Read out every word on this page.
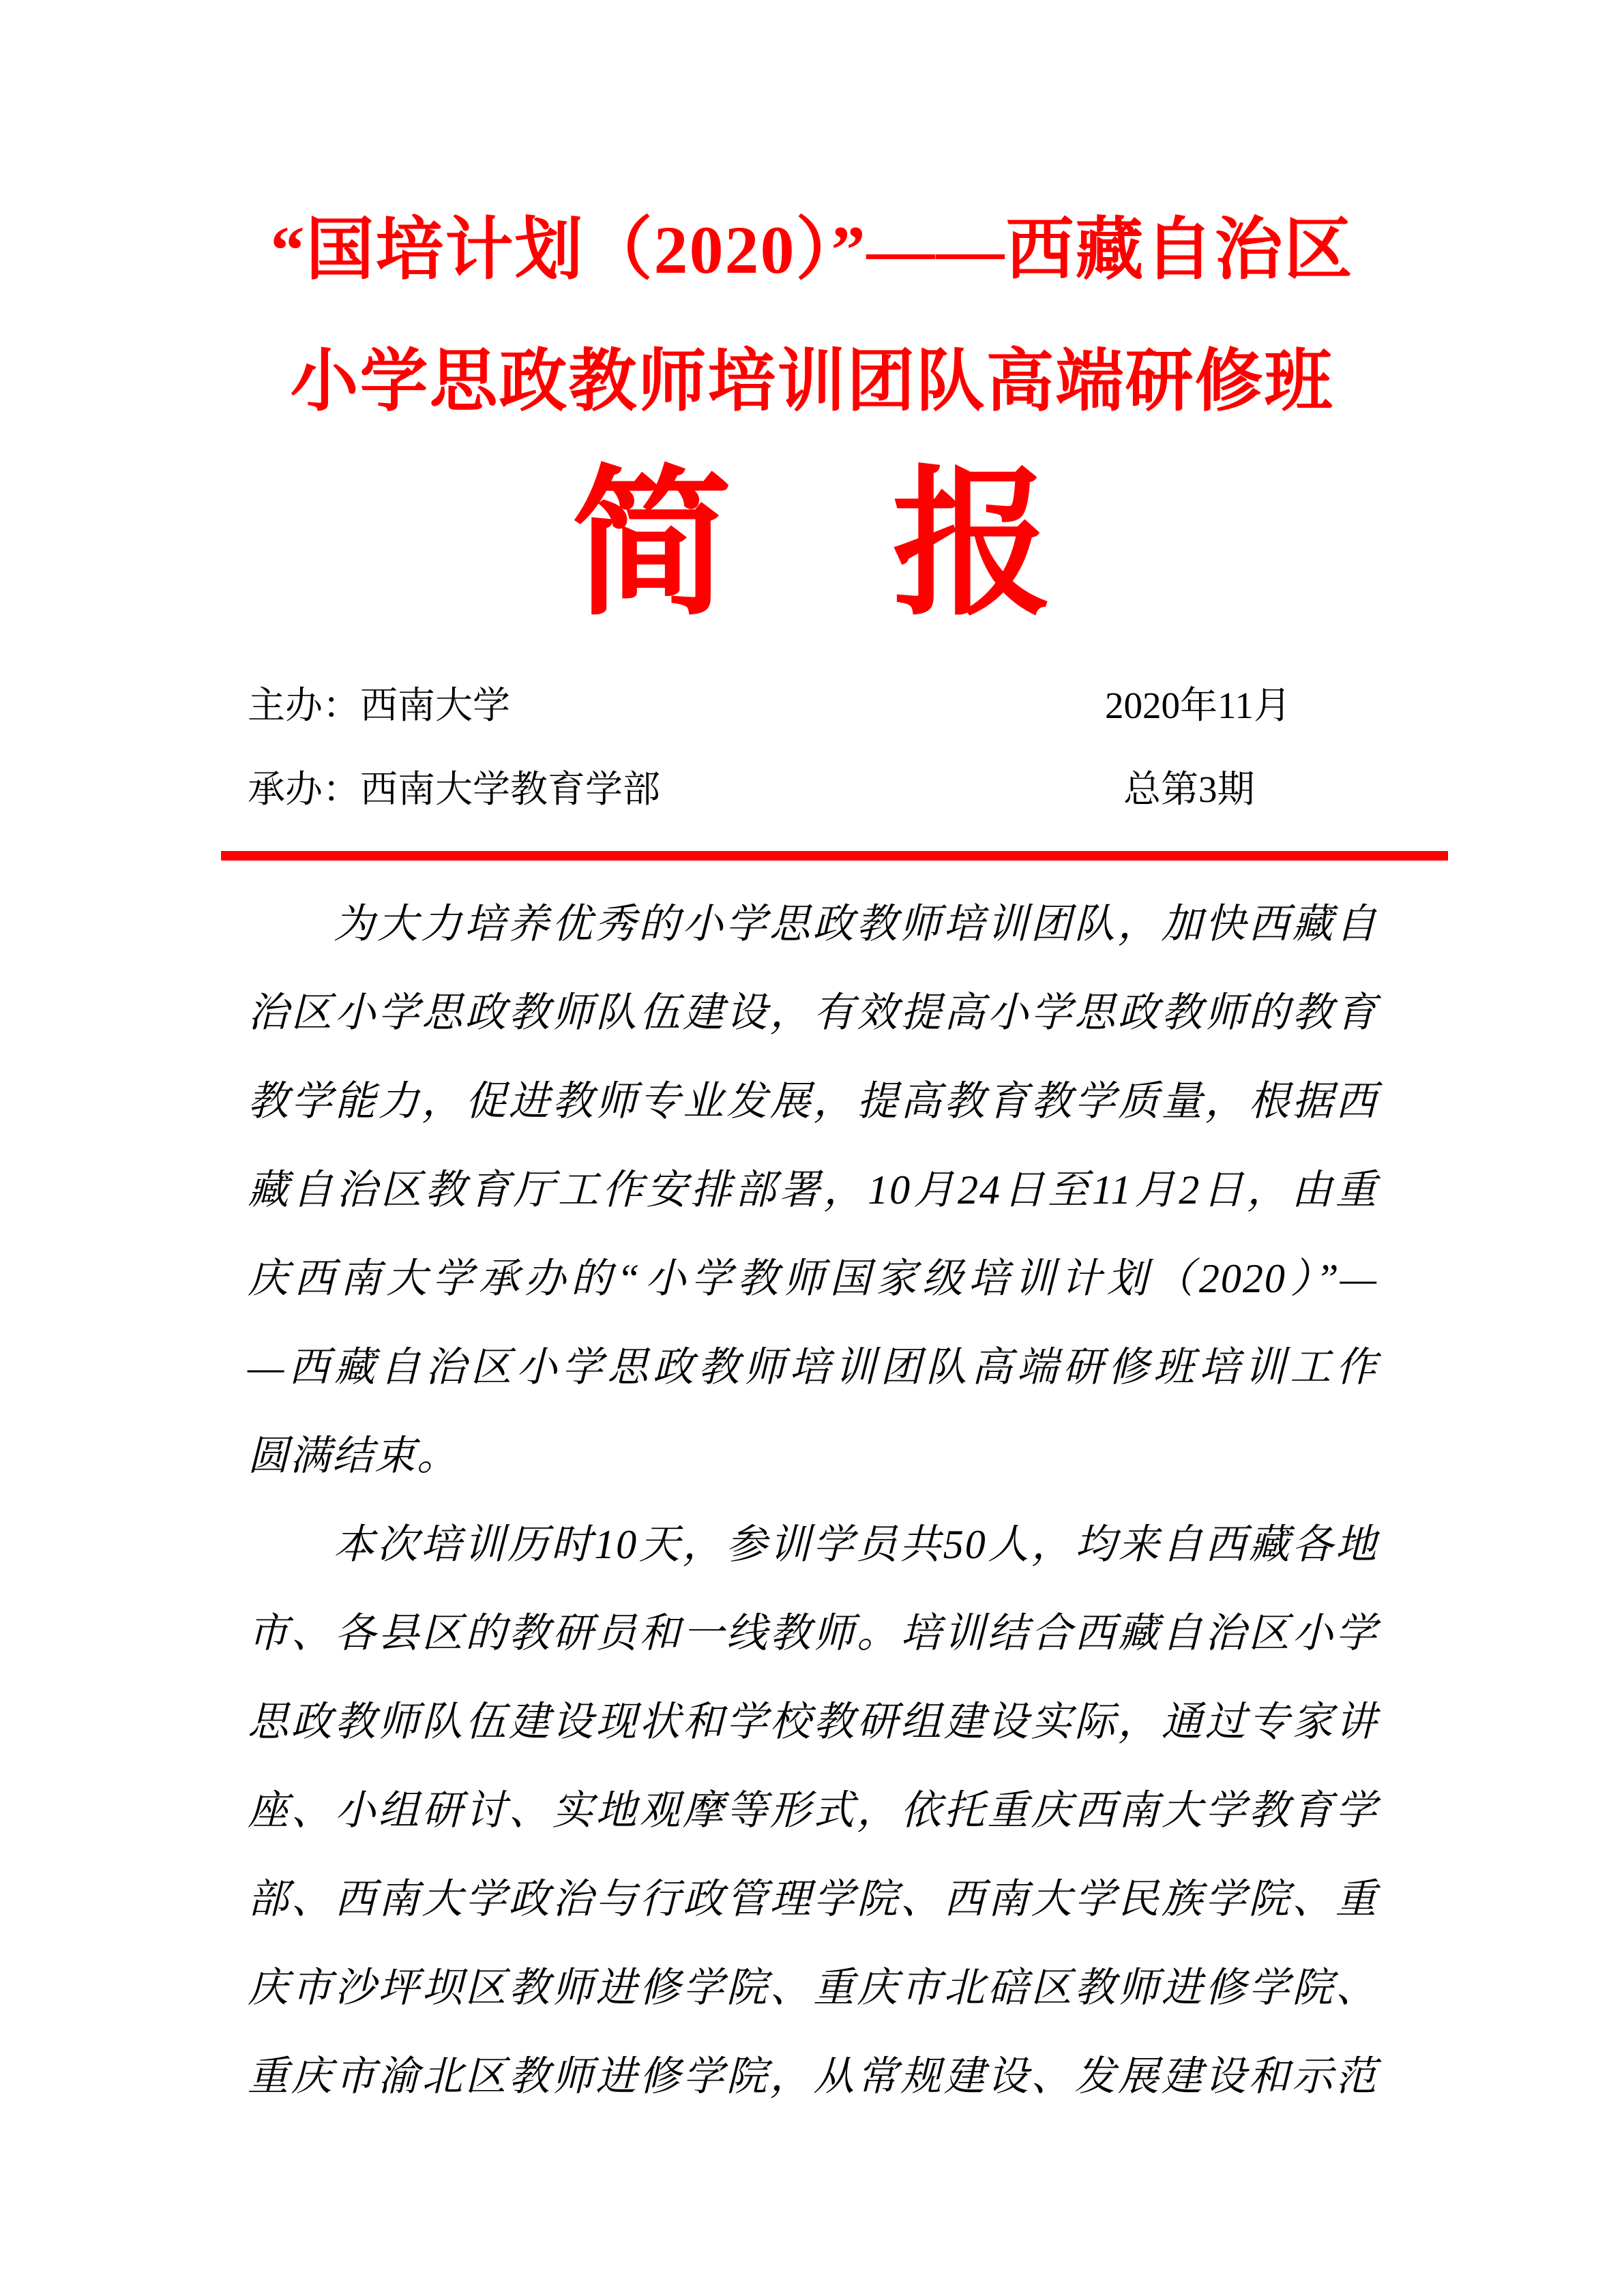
“国培计划（2020）”——西藏自治区
小学思政教师培训团队高端研修班
简　报
主办：西南大学	2020年11月
承办：西南大学教育学部	总第3期
为大力培养优秀的小学思政教师培训团队，加快西藏自
治区小学思政教师队伍建设，有效提高小学思政教师的教育
教学能力，促进教师专业发展，提高教育教学质量，根据西
藏自治区教育厅工作安排部署，10月24日至11月2日，由重
庆西南大学承办的“小学教师国家级培训计划（2020）”—
—西藏自治区小学思政教师培训团队高端研修班培训工作
圆满结束。
本次培训历时10天，参训学员共50人，均来自西藏各地
市、各县区的教研员和一线教师。培训结合西藏自治区小学
思政教师队伍建设现状和学校教研组建设实际，通过专家讲
座、小组研讨、实地观摩等形式，依托重庆西南大学教育学
部、西南大学政治与行政管理学院、西南大学民族学院、重
庆市沙坪坝区教师进修学院、重庆市北碚区教师进修学院、
重庆市渝北区教师进修学院，从常规建设、发展建设和示范
